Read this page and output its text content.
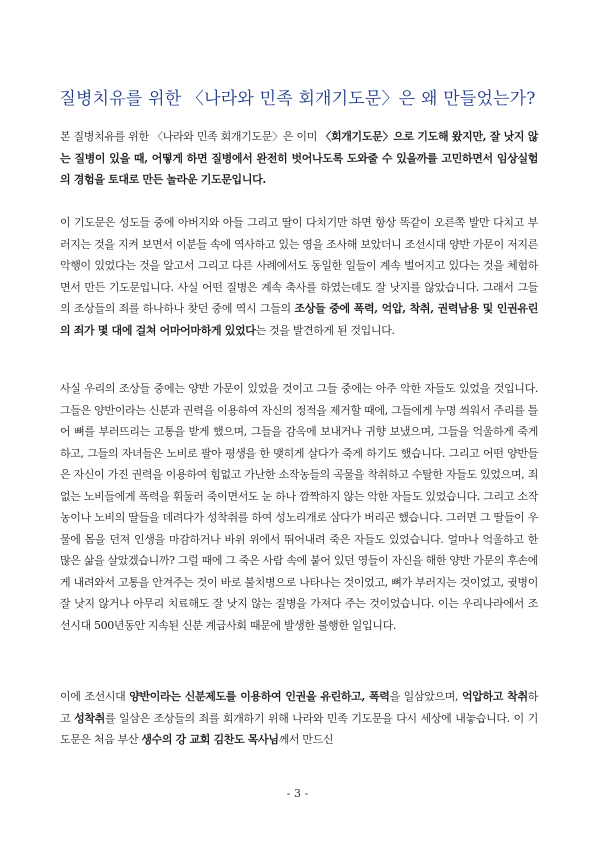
질병치유를 위한 〈나라와 민족 회개기도문〉은 왜 만들었는가?

본 질병치유를 위한 〈나라와 민족 회개기도문〉은 이미 〈회개기도문〉으로 기도해 왔지만, 잘 낫지 않는 질병이 있을 때, 어떻게 하면 질병에서 완전히 벗어나도록 도와줄 수 있을까를 고민하면서 임상실험의 경험을 토대로 만든 놀라운 기도문입니다.

이 기도문은 성도들 중에 아버지와 아들 그리고 딸이 다치기만 하면 항상 똑같이 오른쪽 발만 다치고 부러지는 것을 지켜 보면서 이분들 속에 역사하고 있는 영을 조사해 보았더니 조선시대 양반 가문이 저지른 악행이 있었다는 것을 알고서 그리고 다른 사례에서도 동일한 일들이 계속 벌어지고 있다는 것을 체험하면서 만든 기도문입니다. 사실 어떤 질병은 계속 축사를 하였는데도 잘 낫지를 않았습니다. 그래서 그들의 조상들의 죄를 하나하나 찾던 중에 역시 그들의 조상들 중에 폭력, 억압, 착취, 권력남용 및 인권유린의 죄가 몇 대에 걸쳐 어마어마하게 있었다는 것을 발견하게 된 것입니다.

사실 우리의 조상들 중에는 양반 가문이 있었을 것이고 그들 중에는 아주 악한 자들도 있었을 것입니다. 그들은 양반이라는 신분과 권력을 이용하여 자신의 정적을 제거할 때에, 그들에게 누명 씌워서 주리를 틀어 뼈를 부러뜨리는 고통을 받게 했으며, 그들을 감옥에 보내거나 귀향 보냈으며, 그들을 억울하게 죽게 하고, 그들의 자녀들은 노비로 팔아 평생을 한 맺히게 살다가 죽게 하기도 했습니다. 그리고 어떤 양반들은 자신이 가진 권력을 이용하여 힘없고 가난한 소작농들의 곡물을 착취하고 수탈한 자들도 있었으며, 죄없는 노비들에게 폭력을 휘둘러 죽이면서도 눈 하나 깜짝하지 않는 악한 자들도 있었습니다. 그리고 소작농이나 노비의 딸들을 데려다가 성착취를 하여 성노리개로 삼다가 버리곤 했습니다. 그러면 그 딸들이 우물에 몸을 던져 인생을 마감하거나 바위 위에서 뛰어내려 죽은 자들도 있었습니다. 얼마나 억울하고 한 많은 삶을 살았겠습니까? 그럴 때에 그 죽은 사람 속에 붙어 있던 영들이 자신을 해한 양반 가문의 후손에게 내려와서 고통을 안겨주는 것이 바로 불치병으로 나타나는 것이었고, 뼈가 부러지는 것이었고, 귓병이 잘 낫지 않거나 아무리 치료해도 잘 낫지 않는 질병을 가져다 주는 것이었습니다. 이는 우리나라에서 조선시대 500년동안 지속된 신분 계급사회 때문에 발생한 불행한 일입니다.

이에 조선시대 양반이라는 신분제도를 이용하여 인권을 유린하고, 폭력을 일삼았으며, 억압하고 착취하고 성착취를 일삼은 조상들의 죄를 회개하기 위해 나라와 민족 기도문을 다시 세상에 내놓습니다. 이 기도문은 처음 부산 생수의 강 교회 김찬도 목사님께서 만드신

- 3 -
